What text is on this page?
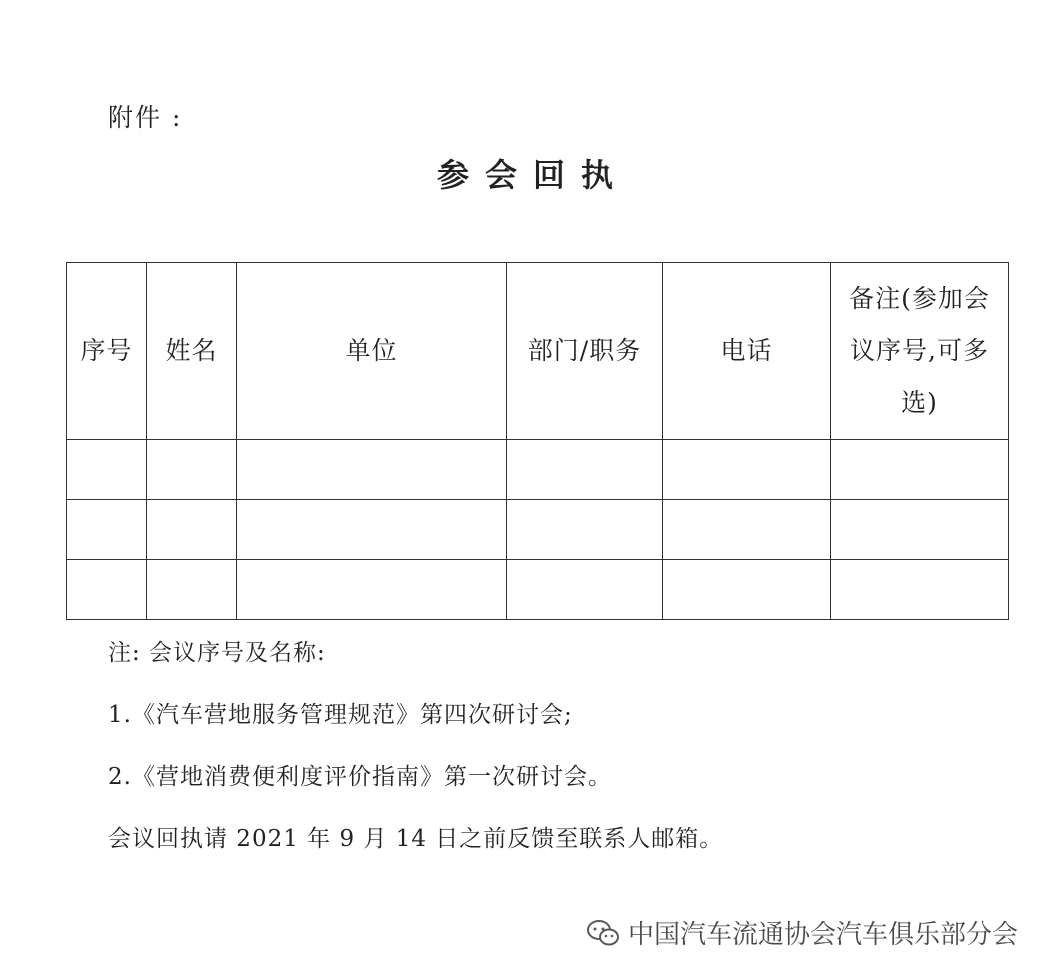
附件 :
参会回执
序号	姓名	单位	部门/职务	电话	备注(参加会议序号,可多选)

注: 会议序号及名称:
1.《汽车营地服务管理规范》第四次研讨会;
2.《营地消费便利度评价指南》第一次研讨会。
会议回执请 2021 年 9 月 14 日之前反馈至联系人邮箱。
中国汽车流通协会汽车俱乐部分会
